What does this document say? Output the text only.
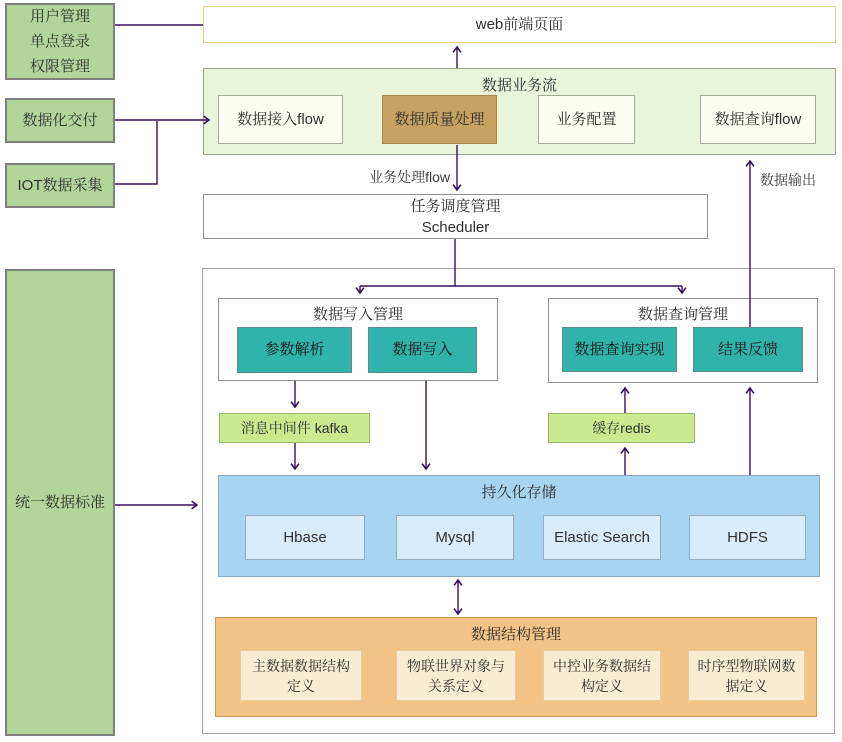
用户管理
单点登录
权限管理
数据化交付
IOT数据采集
统一数据标准
web前端页面
数据业务流
数据接入flow	数据质量处理	业务配置	数据查询flow
业务处理flow	数据输出
任务调度管理
Scheduler
数据写入管理
参数解析	数据写入
数据查询管理
数据查询实现	结果反馈
消息中间件 kafka	缓存redis
持久化存储
Hbase	Mysql	Elastic Search	HDFS
数据结构管理
主数据数据结构定义
物联世界对象与关系定义
中控业务数据结构定义
时序型物联网数据定义
